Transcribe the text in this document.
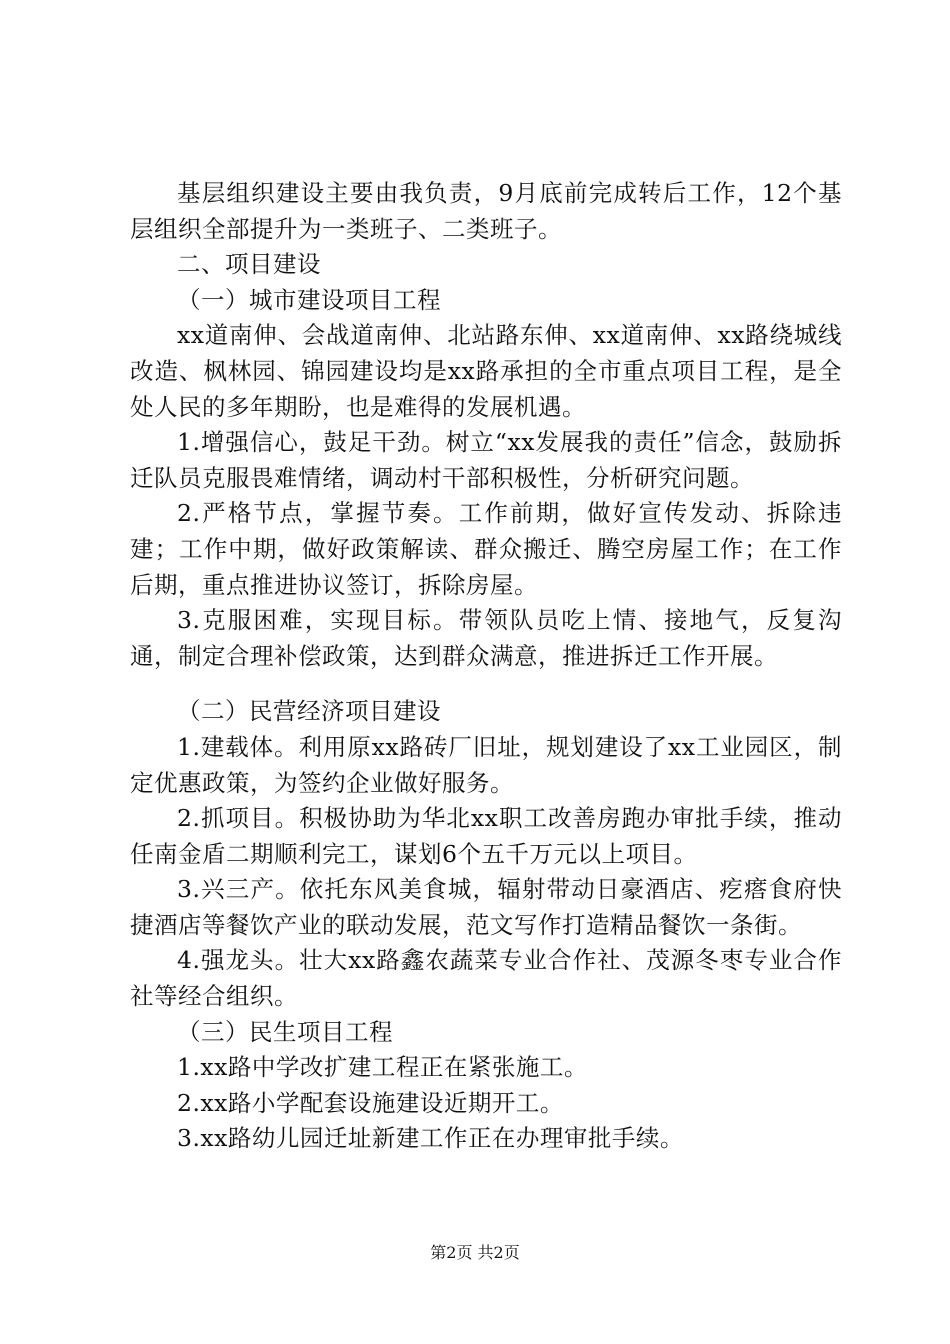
基层组织建设主要由我负责，9月底前完成转后工作，12个基层组织全部提升为一类班子、二类班子。

二、项目建设

（一）城市建设项目工程

xx道南伸、会战道南伸、北站路东伸、xx道南伸、xx路绕城线改造、枫林园、锦园建设均是xx路承担的全市重点项目工程，是全处人民的多年期盼，也是难得的发展机遇。

1.增强信心，鼓足干劲。树立“xx发展我的责任”信念，鼓励拆迁队员克服畏难情绪，调动村干部积极性，分析研究问题。

2.严格节点，掌握节奏。工作前期，做好宣传发动、拆除违建；工作中期，做好政策解读、群众搬迁、腾空房屋工作；在工作后期，重点推进协议签订，拆除房屋。

3.克服困难，实现目标。带领队员吃上情、接地气，反复沟通，制定合理补偿政策，达到群众满意，推进拆迁工作开展。

（二）民营经济项目建设

1.建载体。利用原xx路砖厂旧址，规划建设了xx工业园区，制定优惠政策，为签约企业做好服务。

2.抓项目。积极协助为华北xx职工改善房跑办审批手续，推动任南金盾二期顺利完工，谋划6个五千万元以上项目。

3.兴三产。依托东风美食城，辐射带动日豪酒店、疙瘩食府快捷酒店等餐饮产业的联动发展，范文写作打造精品餐饮一条街。

4.强龙头。壮大xx路鑫农蔬菜专业合作社、茂源冬枣专业合作社等经合组织。

（三）民生项目工程

1.xx路中学改扩建工程正在紧张施工。

2.xx路小学配套设施建设近期开工。

3.xx路幼儿园迁址新建工作正在办理审批手续。

第2页 共2页
